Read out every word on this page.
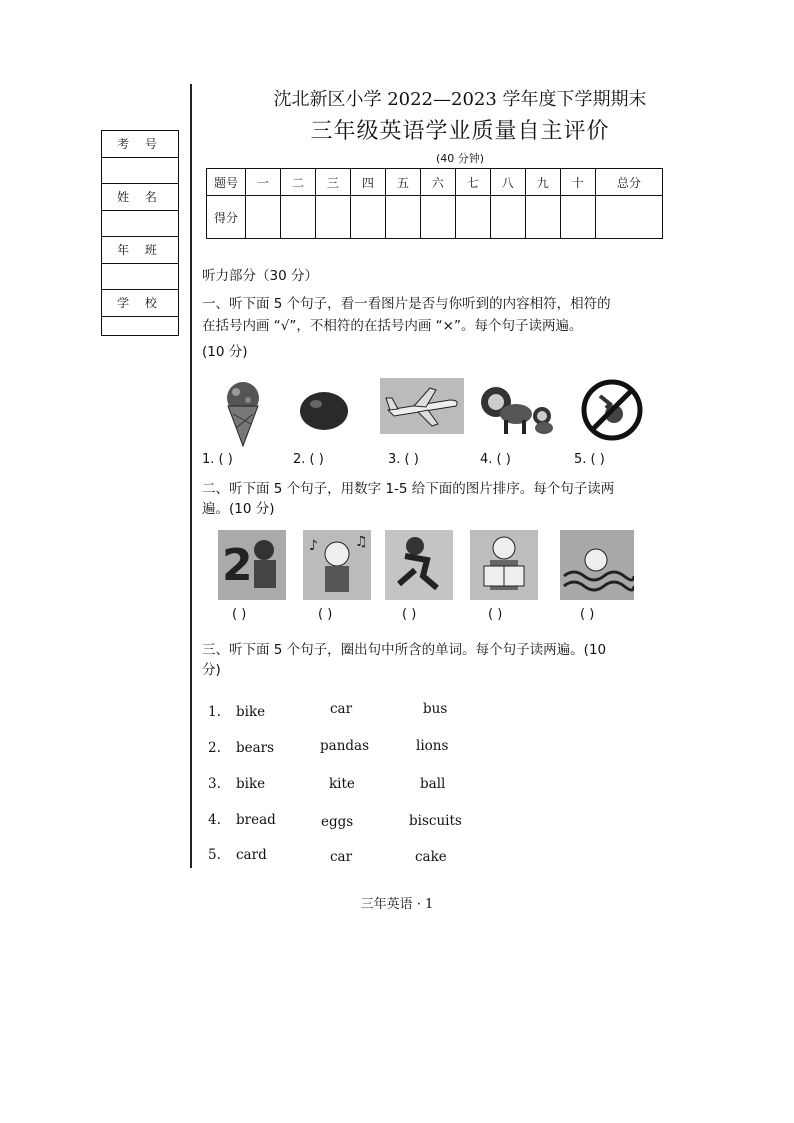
考 号
姓 名
年 班
学 校
沈北新区小学 2022—2023 学年度下学期期末
三年级英语学业质量自主评价
(40 分钟)
题号	一	二	三	四	五	六	七	八	九	十	总分
得分											
听力部分（30 分）
一、听下面 5 个句子，看一看图片是否与你听到的内容相符，相符的
在括号内画 “√”，不相符的在括号内画 “×”。每个句子读两遍。
(10 分)
1. ( )	2. ( )	3. ( )	4. ( )	5. ( )
二、听下面 5 个句子，用数字 1-5 给下面的图片排序。每个句子读两
遍。(10 分)
2	♪	♫
( )	( )	( )	( )	( )
三、听下面 5 个句子，圈出句中所含的单词。每个句子读两遍。(10
分)
1. bike	car	bus
2. bears	pandas	lions
3. bike	kite	ball
4. bread	eggs	biscuits
5. card	car	cake
三年英语 · 1
